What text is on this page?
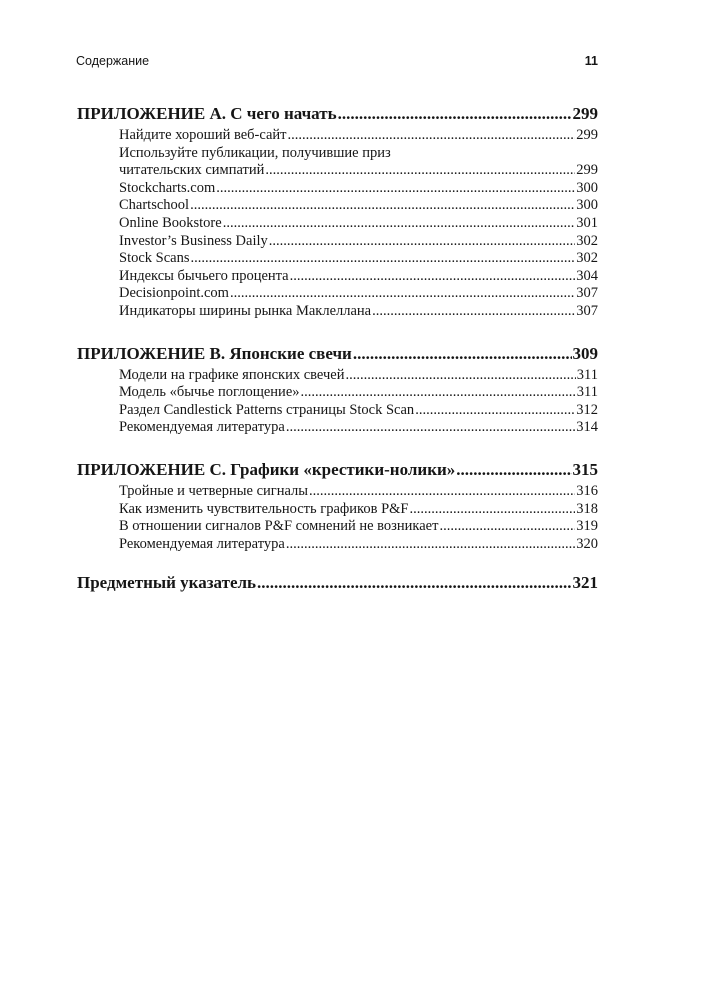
Содержание	11
ПРИЛОЖЕНИЕ A. С чего начать .....	299
Найдите хороший веб-сайт .....	299
Используйте публикации, получившие приз
читательских симпатий .....	299
Stockcharts.com .....	300
Chartschool .....	300
Online Bookstore .....	301
Investor’s Business Daily .....	302
Stock Scans .....	302
Индексы бычьего процента .....	304
Decisionpoint.com .....	307
Индикаторы ширины рынка Маклеллана .....	307
ПРИЛОЖЕНИЕ B. Японские свечи .....	309
Модели на графике японских свечей .....	311
Модель «бычье поглощение» .....	311
Раздел Candlestick Patterns страницы Stock Scan .....	312
Рекомендуемая литература .....	314
ПРИЛОЖЕНИЕ C. Графики «крестики-нолики» .....	315
Тройные и четверные сигналы .....	316
Как изменить чувствительность графиков P&F .....	318
В отношении сигналов P&F сомнений не возникает .....	319
Рекомендуемая литература .....	320
Предметный указатель .....	321
